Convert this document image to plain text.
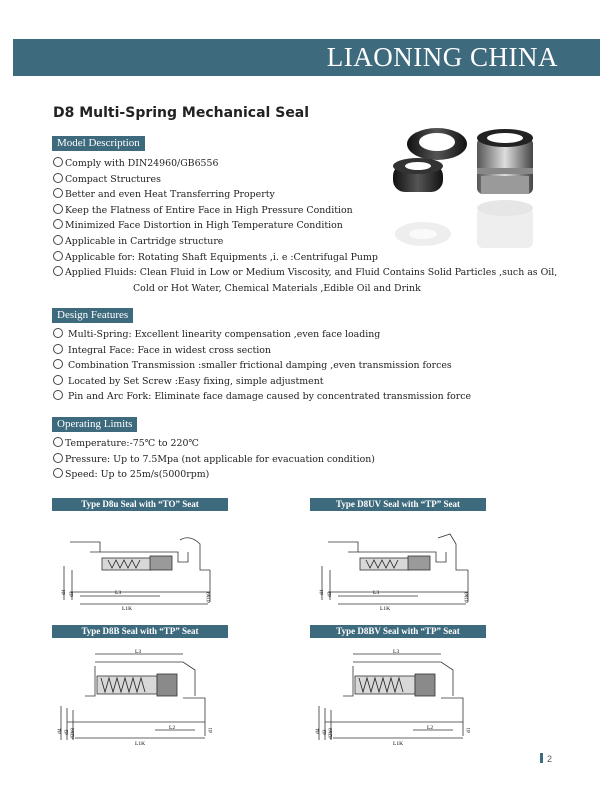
LIAONING CHINA
D8 Multi-Spring Mechanical Seal
Model Description
Comply with DIN24960/GB6556
Compact Structures
Better and even Heat Transferring Property
Keep the Flatness of Entire Face in High Pressure Condition
Minimized Face Distortion in High Temperature Condition
Applicable in Cartridge structure
Applicable for: Rotating Shaft Equipments ,i. e :Centrifugal Pump
Applied Fluids: Clean Fluid in Low or Medium Viscosity, and Fluid Contains Solid Particles ,such as Oil,
Cold or Hot Water, Chemical Materials ,Edible Oil and Drink
Design Features
Multi-Spring: Excellent linearity compensation ,even face loading
Integral Face: Face in widest cross section
Combination Transmission :smaller frictional damping ,even transmission forces
Located by Set Screw :Easy fixing, simple adjustment
Pin and Arc Fork: Eliminate face damage caused by concentrated transmission force
Operating Limits
Temperature:-75℃ to 220℃
Pressure: Up to 7.5Mpa (not applicable for evacuation condition)
Speed: Up to 25m/s(5000rpm)
Type D8u Seal with “TO” Seat	Type D8UV Seal with “TP” Seat
Type D8B Seal with “TP” Seat	Type D8BV Seal with “TP” Seat
d4 d3	d1h8
L3
L1K
d4 d3	d1h8
L3
L1K
L3
d4 d3 d2h8	d1
L2
L1K
L3
d4 d3 d2h8	d1
L2
L1K
2
